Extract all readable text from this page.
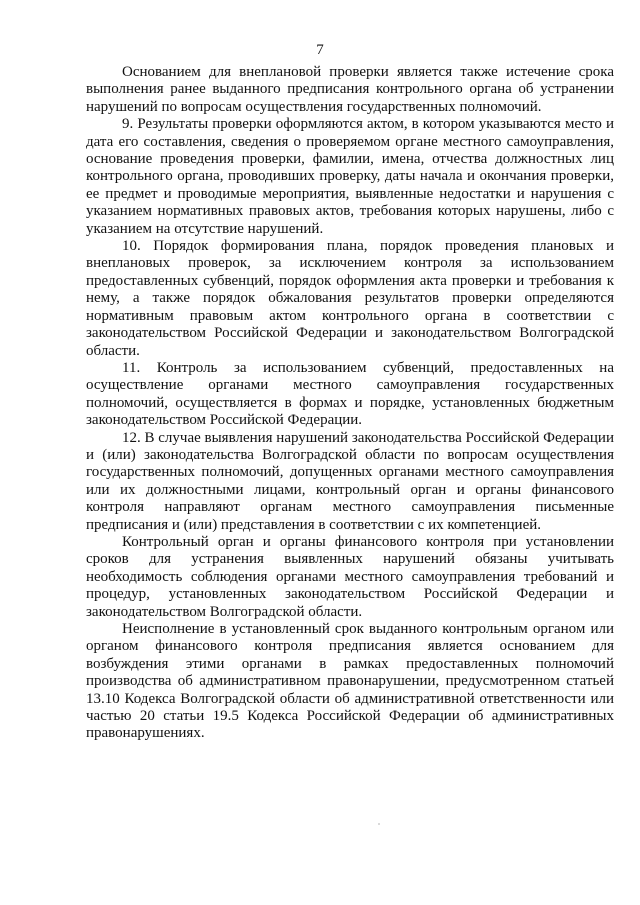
7

Основанием для внеплановой проверки является также истечение срока выполнения ранее выданного предписания контрольного органа об устранении нарушений по вопросам осуществления государственных полномочий.

9. Результаты проверки оформляются актом, в котором указываются место и дата его составления, сведения о проверяемом органе местного самоуправления, основание проведения проверки, фамилии, имена, отчества должностных лиц контрольного органа, проводивших проверку, даты начала и окончания проверки, ее предмет и проводимые мероприятия, выявленные недостатки и нарушения с указанием нормативных правовых актов, требования которых нарушены, либо с указанием на отсутствие нарушений.

10. Порядок формирования плана, порядок проведения плановых и внеплановых проверок, за исключением контроля за использованием предоставленных субвенций, порядок оформления акта проверки и требования к нему, а также порядок обжалования результатов проверки определяются нормативным правовым актом контрольного органа в соответствии с законодательством Российской Федерации и законодательством Волгоградской области.

11. Контроль за использованием субвенций, предоставленных на осуществление органами местного самоуправления государственных полномочий, осуществляется в формах и порядке, установленных бюджетным законодательством Российской Федерации.

12. В случае выявления нарушений законодательства Российской Федерации и (или) законодательства Волгоградской области по вопросам осуществления государственных полномочий, допущенных органами местного самоуправления или их должностными лицами, контрольный орган и органы финансового контроля направляют органам местного самоуправления письменные предписания и (или) представления в соответствии с их компетенцией.

Контрольный орган и органы финансового контроля при установлении сроков для устранения выявленных нарушений обязаны учитывать необходимость соблюдения органами местного самоуправления требований и процедур, установленных законодательством Российской Федерации и законодательством Волгоградской области.

Неисполнение в установленный срок выданного контрольным органом или органом финансового контроля предписания является основанием для возбуждения этими органами в рамках предоставленных полномочий производства об административном правонарушении, предусмотренном статьей 13.10 Кодекса Волгоградской области об административной ответственности или частью 20 статьи 19.5 Кодекса Российской Федерации об административных правонарушениях.
